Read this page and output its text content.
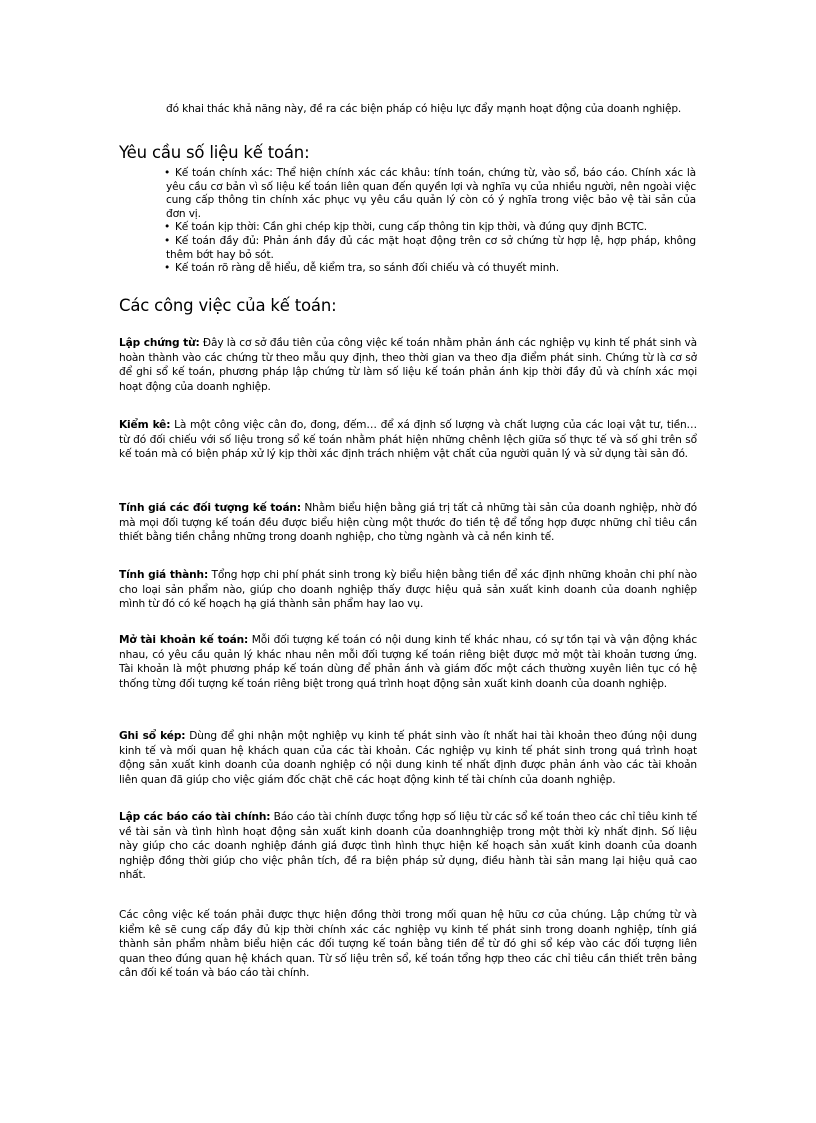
đó khai thác khả năng này, đề ra các biện pháp có hiệu lực đẩy mạnh hoạt động của doanh nghiệp.

Yêu cầu số liệu kế toán:
• Kế toán chính xác: Thể hiện chính xác các khâu: tính toán, chứng từ, vào sổ, báo cáo. Chính xác là yêu cầu cơ bản vì số liệu kế toán liên quan đến quyền lợi và nghĩa vụ của nhiều người, nên ngoài việc cung cấp thông tin chính xác phục vụ yêu cầu quản lý còn có ý nghĩa trong việc bảo vệ tài sản của đơn vị.
• Kế toán kịp thời: Cần ghi chép kịp thời, cung cấp thông tin kịp thời, và đúng quy định BCTC.
• Kế toán đầy đủ: Phản ánh đầy đủ các mặt hoạt động trên cơ sở chứng từ hợp lệ, hợp pháp, không thêm bớt hay bỏ sót.
• Kế toán rõ ràng dễ hiểu, dễ kiểm tra, so sánh đối chiếu và có thuyết minh.
Các công việc của kế toán:

Lập chứng từ: Đây là cơ sở đầu tiên của công việc kế toán nhằm phản ánh các nghiệp vụ kinh tế phát sinh và hoàn thành vào các chứng từ theo mẫu quy định, theo thời gian va theo địa điểm phát sinh. Chứng từ là cơ sở để ghi sổ kế toán, phương pháp lập chứng từ làm số liệu kế toán phản ánh kịp thời đầy đủ và chính xác mọi hoạt động của doanh nghiệp.

Kiểm kê: Là một công việc cân đo, đong, đếm… để xá định số lượng và chất lượng của các loại vật tư, tiền… từ đó đối chiếu với số liệu trong sổ kế toán nhằm phát hiện những chênh lệch giữa số thực tế và số ghi trên sổ kế toán mà có biện pháp xử lý kịp thời xác định trách nhiệm vật chất của người quản lý và sử dụng tài sản đó.

Tính giá các đối tượng kế toán: Nhằm biểu hiện bằng giá trị tất cả những tài sản của doanh nghiệp, nhờ đó mà mọi đối tượng kế toán đều được biểu hiện cùng một thước đo tiền tệ để tổng hợp được những chỉ tiêu cần thiết bằng tiền chẳng những trong doanh nghiệp, cho từng ngành và cả nền kinh tế.

Tính giá thành: Tổng hợp chi phí phát sinh trong kỳ biểu hiện bằng tiền để xác định những khoản chi phí nào cho loại sản phẩm nào, giúp cho doanh nghiệp thấy được hiệu quả sản xuất kinh doanh của doanh nghiệp mình từ đó có kế hoạch hạ giá thành sản phẩm hay lao vụ.

Mở tài khoản kế toán: Mỗi đối tượng kế toán có nội dung kinh tế khác nhau, có sự tồn tại và vận động khác nhau, có yêu cầu quản lý khác nhau nên mỗi đối tượng kế toán riêng biệt được mở một tài khoản tương ứng. Tài khoản là một phương pháp kế toán dùng để phản ánh và giám đốc một cách thường xuyên liên tục có hệ thống từng đối tượng kế toán riêng biệt trong quá trình hoạt động sản xuất kinh doanh của doanh nghiệp.

Ghi sổ kép: Dùng để ghi nhận một nghiệp vụ kinh tế phát sinh vào ít nhất hai tài khoản theo đúng nội dung kinh tế và mối quan hệ khách quan của các tài khoản. Các nghiệp vụ kinh tế phát sinh trong quá trình hoạt động sản xuất kinh doanh của doanh nghiệp có nội dung kinh tế nhất định được phản ánh vào các tài khoản liên quan đã giúp cho việc giám đốc chặt chẽ các hoạt động kinh tế tài chính của doanh nghiệp.

Lập các báo cáo tài chính: Báo cáo tài chính được tổng hợp số liệu từ các sổ kế toán theo các chỉ tiêu kinh tế về tài sản và tình hình hoạt động sản xuất kinh doanh của doanhnghiệp trong một thời kỳ nhất định. Số liệu này giúp cho các doanh nghiệp đánh giá được tình hình thực hiện kế hoạch sản xuất kinh doanh của doanh nghiệp đồng thời giúp cho việc phân tích, đề ra biện pháp sử dụng, điều hành tài sản mang lại hiệu quả cao nhất.

Các công việc kế toán phải được thực hiện đồng thời trong mối quan hệ hữu cơ của chúng. Lập chứng từ và kiểm kê sẽ cung cấp đầy đủ kịp thời chính xác các nghiệp vụ kinh tế phát sinh trong doanh nghiệp, tính giá thành sản phẩm nhằm biểu hiện các đối tượng kế toán bằng tiền để từ đó ghi sổ kép vào các đối tượng liên quan theo đúng quan hệ khách quan. Từ số liệu trên sổ, kế toán tổng hợp theo các chỉ tiêu cần thiết trên bảng cân đối kế toán và báo cáo tài chính.
